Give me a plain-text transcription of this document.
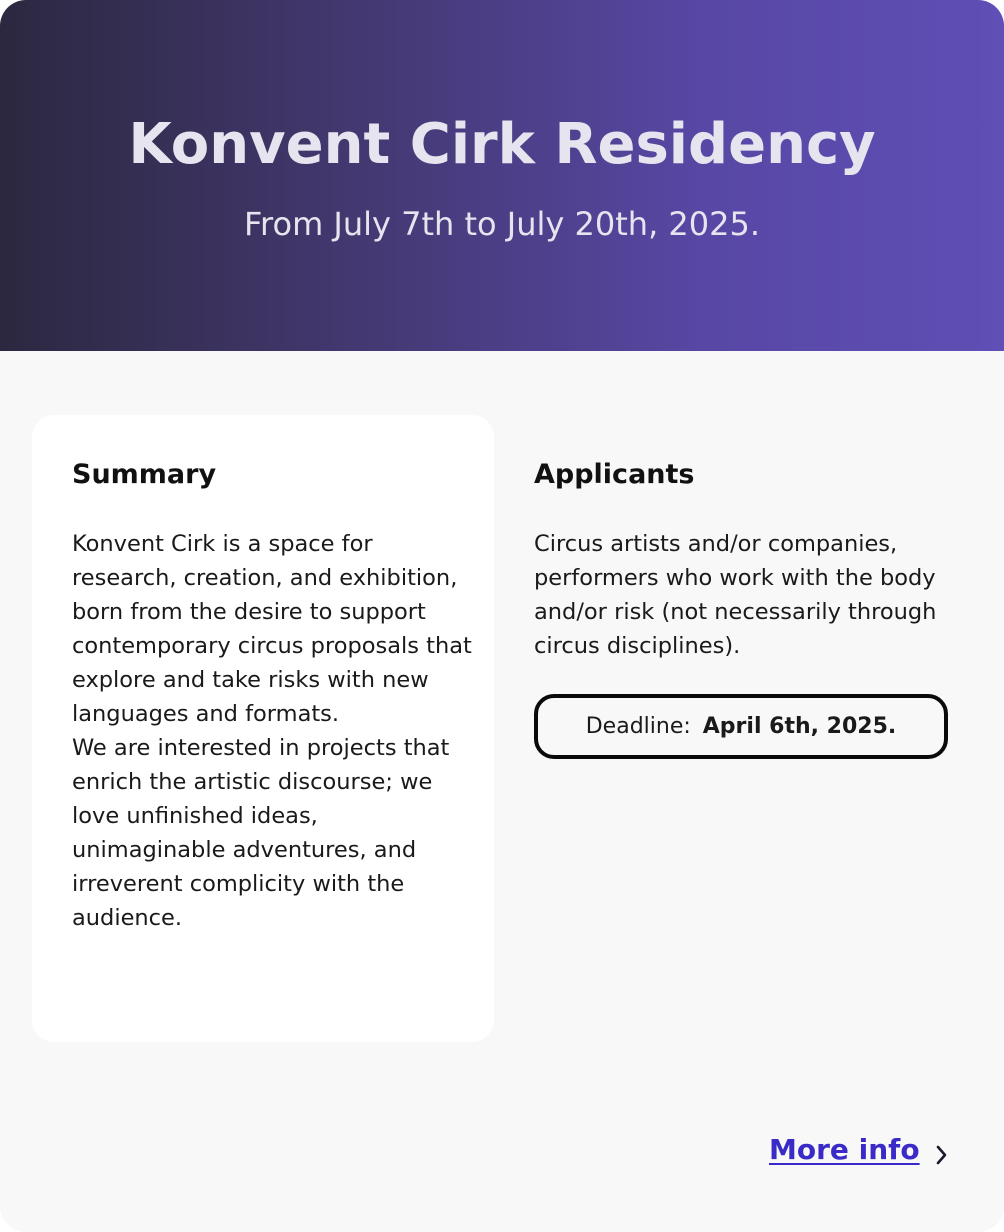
Konvent Cirk Residency

From July 7th to July 20th, 2025.

Summary

Konvent Cirk is a space for research, creation, and exhibition, born from the desire to support contemporary circus proposals that explore and take risks with new languages and formats.

We are interested in projects that enrich the artistic discourse; we love unfinished ideas, unimaginable adventures, and irreverent complicity with the audience.

Applicants

Circus artists and/or companies, performers who work with the body and/or risk (not necessarily through circus disciplines).

Deadline: April 6th, 2025.
More info
